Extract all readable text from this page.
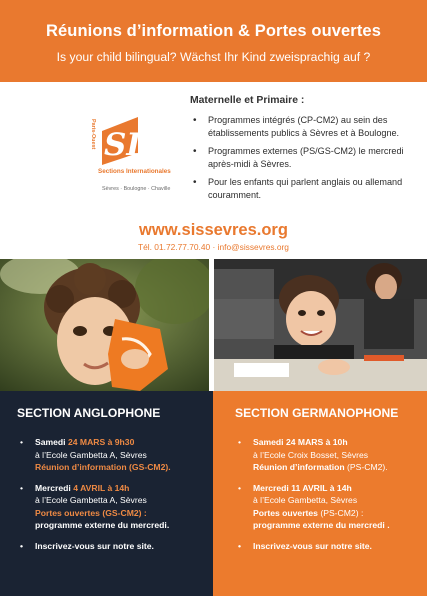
Réunions d’information & Portes ouvertes
Is your child bilingual? Wächst Ihr Kind zweisprachig auf ?
Paris-Ouest SIS
Sections Internationales
Sèvres · Boulogne · Chaville
Maternelle et Primaire :
• Programmes intégrés (CP-CM2) au sein des établissements publics à Sèvres et à Boulogne.
• Programmes externes (PS/GS-CM2) le mercredi après-midi à Sèvres.
• Pour les enfants qui parlent anglais ou allemand couramment.
www.sissevres.org
Tél. 01.72.77.70.40 · info@sissevres.org
SECTION ANGLOPHONE
• Samedi 24 MARS à 9h30
à l’Ecole Gambetta A, Sèvres
Réunion d’information (GS-CM2).
• Mercredi 4 AVRIL à 14h
à l’Ecole Gambetta A, Sèvres
Portes ouvertes (GS-CM2) :
programme externe du mercredi.
• Inscrivez-vous sur notre site.
SECTION GERMANOPHONE
• Samedi 24 MARS à 10h
à l’Ecole Croix Bosset, Sèvres
Réunion d’information (PS-CM2).
• Mercredi 11 AVRIL à 14h
à l’Ecole Gambetta, Sèvres
Portes ouvertes (PS-CM2) :
programme externe du mercredi .
• Inscrivez-vous sur notre site.
